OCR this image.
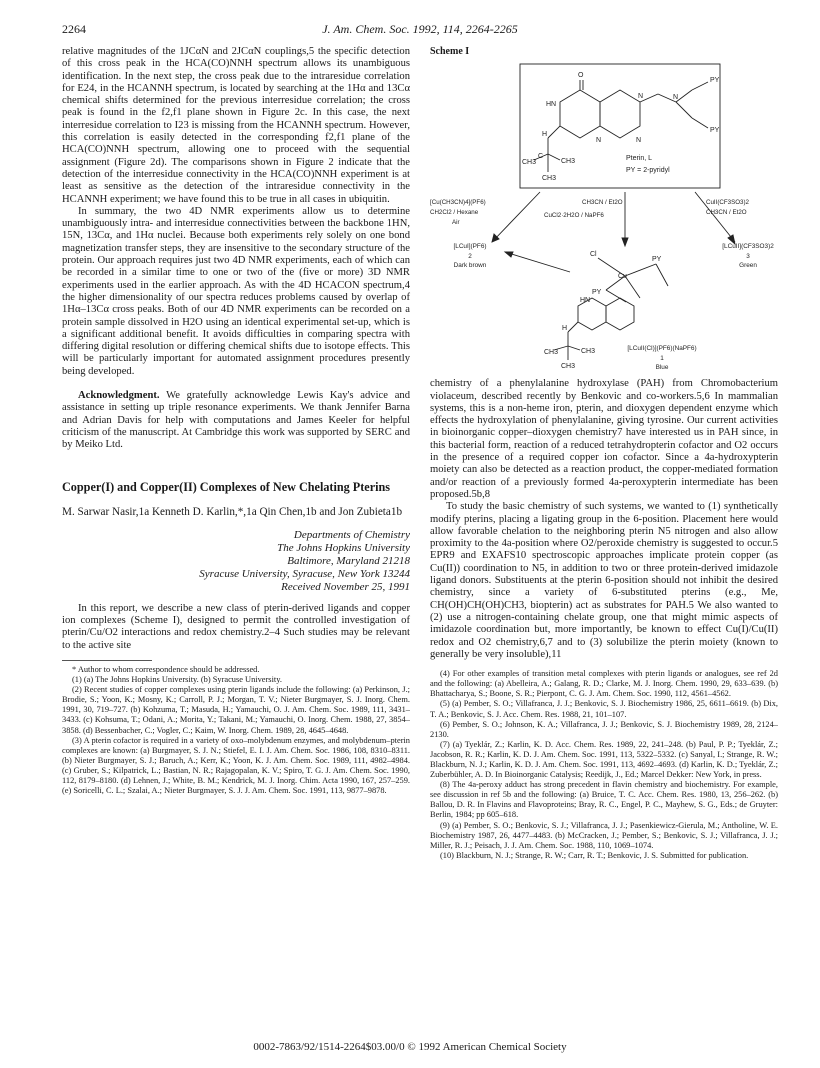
2264	J. Am. Chem. Soc. 1992, 114, 2264-2265

relative magnitudes of the 1JCαN and 2JCαN couplings,5 the specific detection of this cross peak in the HCA(CO)NNH spectrum allows its unambiguous identification. In the next step, the cross peak due to the intraresidue correlation for E24, in the HCANNH spectrum, is located by searching at the 1Hα and 13Cα chemical shifts determined for the previous interresidue correlation; the cross peak is found in the f2,f1 plane shown in Figure 2c. In this case, the next interresidue correlation to I23 is missing from the HCANNH spectrum. However, this correlation is easily detected in the corresponding f2,f1 plane of the HCA(CO)NNH spectrum, allowing one to proceed with the sequential assignment (Figure 2d). The comparisons shown in Figure 2 indicate that the detection of the interresidue connectivity in the HCA(CO)NNH experiment is at least as sensitive as the detection of the intraresidue connectivity in the HCANNH experiment; we have found this to be true in all cases in ubiquitin.

In summary, the two 4D NMR experiments allow us to determine unambiguously intra- and interresidue connectivities between the backbone 1HN, 15N, 13Cα, and 1Hα nuclei. Because both experiments rely solely on one bond magnetization transfer steps, they are insensitive to the secondary structure of the protein. Our approach requires just two 4D NMR experiments, each of which can be recorded in a similar time to one or two of the (five or more) 3D NMR experiments used in the earlier approach. As with the 4D HCACON spectrum,4 the higher dimensionality of our spectra reduces problems caused by overlap of 1Hα–13Cα cross peaks. Both of our 4D NMR experiments can be recorded on a protein sample dissolved in H2O using an identical experimental set-up, which is a significant additional benefit. It avoids difficulties in comparing spectra with differing digital resolution or differing chemical shifts due to isotope effects. This will be particularly important for automated assignment procedures presently being developed.

Acknowledgment. We gratefully acknowledge Lewis Kay's advice and assistance in setting up triple resonance experiments. We thank Jennifer Barna and Adrian Davis for help with computations and James Keeler for helpful criticism of the manuscript. At Cambridge this work was supported by SERC and by Meiko Ltd.

Copper(I) and Copper(II) Complexes of New Chelating Pterins
M. Sarwar Nasir,1a Kenneth D. Karlin,*,1a Qin Chen,1b and Jon Zubieta1b
Departments of Chemistry
The Johns Hopkins University
Baltimore, Maryland 21218
Syracuse University, Syracuse, New York 13244
Received November 25, 1991

In this report, we describe a new class of pterin-derived ligands and copper ion complexes (Scheme I), designed to permit the controlled investigation of pterin/Cu/O2 interactions and redox chemistry.2–4 Such studies may be relevant to the active site

* Author to whom correspondence should be addressed.

(1) (a) The Johns Hopkins University. (b) Syracuse University.

(2) Recent studies of copper complexes using pterin ligands include the following: (a) Perkinson, J.; Brodie, S.; Yoon, K.; Mosny, K.; Carroll, P. J.; Morgan, T. V.; Nieter Burgmayer, S. J. Inorg. Chem. 1991, 30, 719–727. (b) Kohzuma, T.; Masuda, H.; Yamauchi, O. J. Am. Chem. Soc. 1989, 111, 3431–3433. (c) Kohsuma, T.; Odani, A.; Morita, Y.; Takani, M.; Yamauchi, O. Inorg. Chem. 1988, 27, 3854–3858. (d) Bessenbacher, C.; Vogler, C.; Kaim, W. Inorg. Chem. 1989, 28, 4645–4648.

(3) A pterin cofactor is required in a variety of oxo–molybdenum enzymes, and molybdenum–pterin complexes are known: (a) Burgmayer, S. J. N.; Stiefel, E. I. J. Am. Chem. Soc. 1986, 108, 8310–8311. (b) Nieter Burgmayer, S. J.; Baruch, A.; Kerr, K.; Yoon, K. J. Am. Chem. Soc. 1989, 111, 4982–4984. (c) Gruber, S.; Kilpatrick, L.; Bastian, N. R.; Rajagopalan, K. V.; Spiro, T. G. J. Am. Chem. Soc. 1990, 112, 8179–8180. (d) Lehnen, J.; White, B. M.; Kendrick, M. J. Inorg. Chim. Acta 1990, 167, 257–259. (e) Soricelli, C. L.; Szalai, A.; Nieter Burgmayer, S. J. J. Am. Chem. Soc. 1991, 113, 9877–9878.

Scheme I
O
HN
N	N
N	N
H
C
CH3	CH3
CH3
PY
PY
Pterin, L
PY = 2-pyridyl
[Cu(CH3CN)4](PF6)
CH2Cl2 / Hexane
Air
CH3CN / Et2O
CuCl2·2H2O / NaPF6
CuII(CF3SO3)2
CH3CN / Et2O
[LCuI](PF6)
2
Dark brown
[LCuII](CF3SO3)2
3
Green
Cl
Cu
PY
PY
HN
H
CH3	CH3
CH3
[LCuII(Cl)](PF6)(NaPF6)
1
Blue

chemistry of a phenylalanine hydroxylase (PAH) from Chromobacterium violaceum, described recently by Benkovic and co-workers.5,6 In mammalian systems, this is a non-heme iron, pterin, and dioxygen dependent enzyme which effects the hydroxylation of phenylalanine, giving tyrosine. Our current activities in bioinorganic copper–dioxygen chemistry7 have interested us in PAH since, in this bacterial form, reaction of a reduced tetrahydropterin cofactor and O2 occurs in the presence of a required copper ion cofactor. Since a 4a-hydroxypterin moiety can also be detected as a reaction product, the copper-mediated formation and/or reaction of a previously formed 4a-peroxypterin intermediate has been proposed.5b,8

To study the basic chemistry of such systems, we wanted to (1) synthetically modify pterins, placing a ligating group in the 6-position. Placement here would allow favorable chelation to the neighboring pterin N5 nitrogen and also allow proximity to the 4a-position where O2/peroxide chemistry is suggested to occur.5 EPR9 and EXAFS10 spectroscopic approaches implicate protein copper (as Cu(II)) coordination to N5, in addition to two or three protein-derived imidazole ligand donors. Substituents at the pterin 6-position should not inhibit the desired chemistry, since a variety of 6-substituted pterins (e.g., Me, CH(OH)CH(OH)CH3, biopterin) act as substrates for PAH.5 We also wanted to (2) use a nitrogen-containing chelate group, one that might mimic aspects of imidazole coordination but, more importantly, be known to effect Cu(I)/Cu(II) redox and O2 chemistry,6,7 and to (3) solubilize the pterin moiety (known to generally be very insoluble),11

(4) For other examples of transition metal complexes with pterin ligands or analogues, see ref 2d and the following: (a) Abelleira, A.; Galang, R. D.; Clarke, M. J. Inorg. Chem. 1990, 29, 633–639. (b) Bhattacharya, S.; Boone, S. R.; Pierpont, C. G. J. Am. Chem. Soc. 1990, 112, 4561–4562.

(5) (a) Pember, S. O.; Villafranca, J. J.; Benkovic, S. J. Biochemistry 1986, 25, 6611–6619. (b) Dix, T. A.; Benkovic, S. J. Acc. Chem. Res. 1988, 21, 101–107.

(6) Pember, S. O.; Johnson, K. A.; Villafranca, J. J.; Benkovic, S. J. Biochemistry 1989, 28, 2124–2130.

(7) (a) Tyeklár, Z.; Karlin, K. D. Acc. Chem. Res. 1989, 22, 241–248. (b) Paul, P. P.; Tyeklár, Z.; Jacobson, R. R.; Karlin, K. D. J. Am. Chem. Soc. 1991, 113, 5322–5332. (c) Sanyal, I.; Strange, R. W.; Blackburn, N. J.; Karlin, K. D. J. Am. Chem. Soc. 1991, 113, 4692–4693. (d) Karlin, K. D.; Tyeklár, Z.; Zuberbühler, A. D. In Bioinorganic Catalysis; Reedijk, J., Ed.; Marcel Dekker: New York, in press.

(8) The 4a-peroxy adduct has strong precedent in flavin chemistry and biochemistry. For example, see discussion in ref 5b and the following: (a) Bruice, T. C. Acc. Chem. Res. 1980, 13, 256–262. (b) Ballou, D. R. In Flavins and Flavoproteins; Bray, R. C., Engel, P. C., Mayhew, S. G., Eds.; de Gruyter: Berlin, 1984; pp 605–618.

(9) (a) Pember, S. O.; Benkovic, S. J.; Villafranca, J. J.; Pasenkiewicz-Gierula, M.; Antholine, W. E. Biochemistry 1987, 26, 4477–4483. (b) McCracken, J.; Pember, S.; Benkovic, S. J.; Villafranca, J. J.; Miller, R. J.; Peisach, J. J. Am. Chem. Soc. 1988, 110, 1069–1074.

(10) Blackburn, N. J.; Strange, R. W.; Carr, R. T.; Benkovic, J. S. Submitted for publication.

0002-7863/92/1514-2264$03.00/0 © 1992 American Chemical Society
